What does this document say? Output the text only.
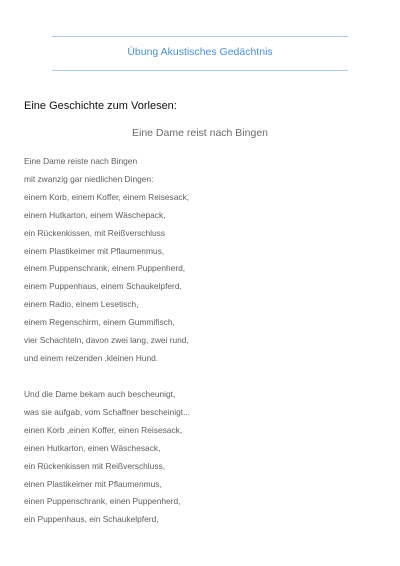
Übung Akustisches Gedächtnis
Eine Geschichte zum Vorlesen:
Eine Dame reist nach Bingen
Eine Dame reiste nach Bingen
mit zwanzig gar niedlichen Dingen:
einem Korb, einem Koffer, einem Reisesack,
einem Hutkarton, einem Wäschepack,
ein Rückenkissen, mit Reißverschluss
einem Plastikeimer mit Pflaumenmus,
einem Puppenschrank, einem Puppenherd,
einem Puppenhaus, einem Schaukelpferd,
einem Radio, einem Lesetisch,
einem Regenschirm, einem Gummifisch,
vier Schachteln, davon zwei lang, zwei rund,
und einem reizenden ,kleinen Hund.
Und die Dame bekam auch bescheunigt,
was sie aufgab, vom Schaffner bescheinigt...
einen Korb ,einen Koffer, einen Reisesack,
einen Hutkarton, einen Wäschesack,
ein Rückenkissen mit Reißverschluss,
einen Plastikeimer mit Pflaumenmus,
einen Puppenschrank, einen Puppenherd,
ein Puppenhaus, ein Schaukelpferd,
